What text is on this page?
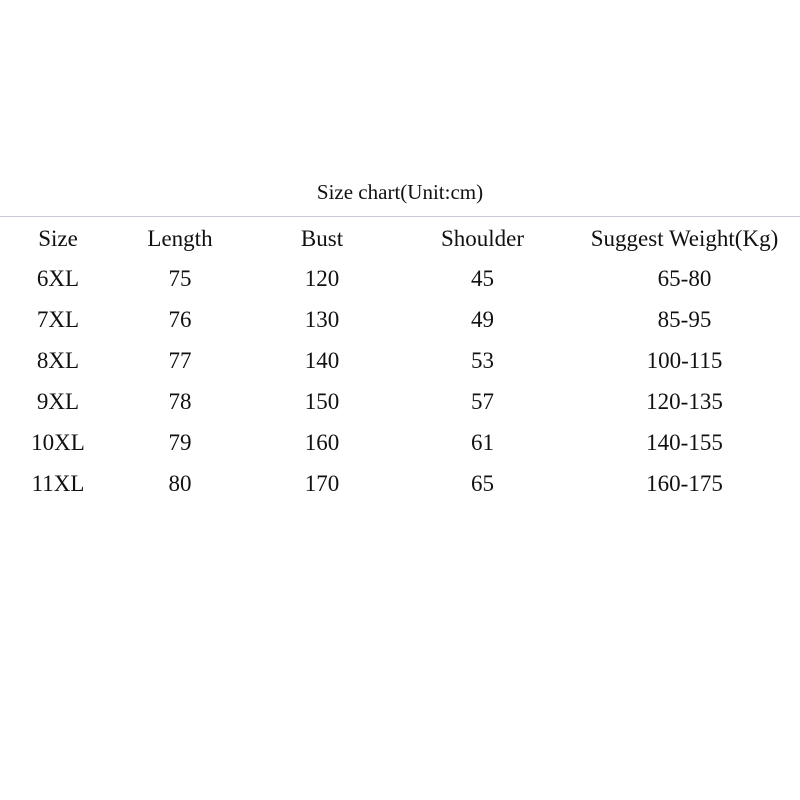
Size chart(Unit:cm)
Size	Length	Bust	Shoulder	Suggest Weight(Kg)
6XL	75	120	45	65-80
7XL	76	130	49	85-95
8XL	77	140	53	100-115
9XL	78	150	57	120-135
10XL	79	160	61	140-155
11XL	80	170	65	160-175
